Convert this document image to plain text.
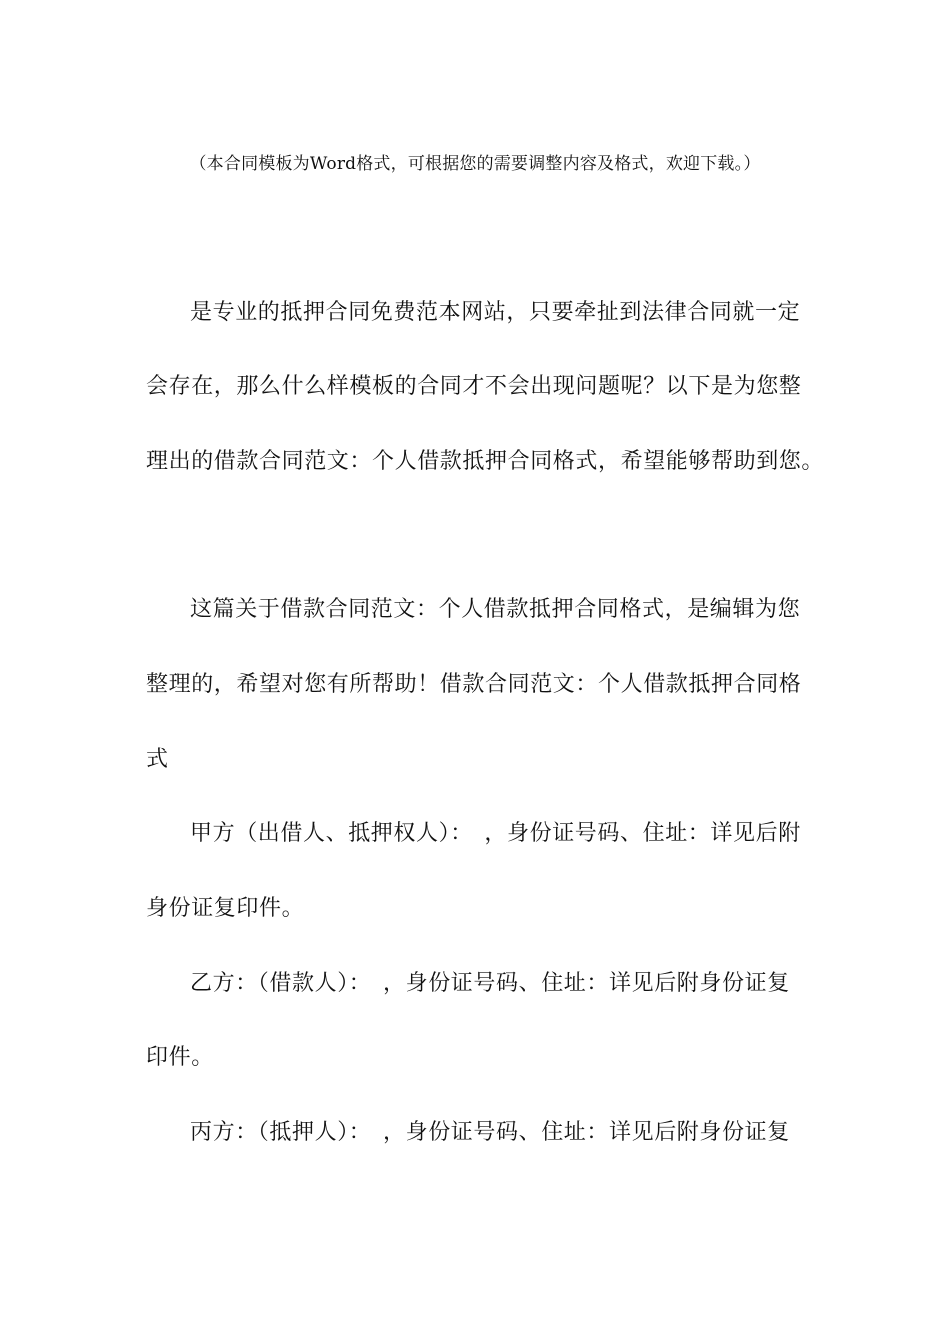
（本合同模板为Word格式，可根据您的需要调整内容及格式，欢迎下载。）
是专业的抵押合同免费范本网站，只要牵扯到法律合同就一定
会存在，那么什么样模板的合同才不会出现问题呢？以下是为您整
理出的借款合同范文：个人借款抵押合同格式，希望能够帮助到您。
这篇关于借款合同范文：个人借款抵押合同格式，是编辑为您
整理的，希望对您有所帮助！借款合同范文：个人借款抵押合同格
式
甲方（出借人、抵押权人）：　，身份证号码、住址：详见后附
身份证复印件。
乙方：（借款人）：　，身份证号码、住址：详见后附身份证复
印件。
丙方：（抵押人）：　，身份证号码、住址：详见后附身份证复
